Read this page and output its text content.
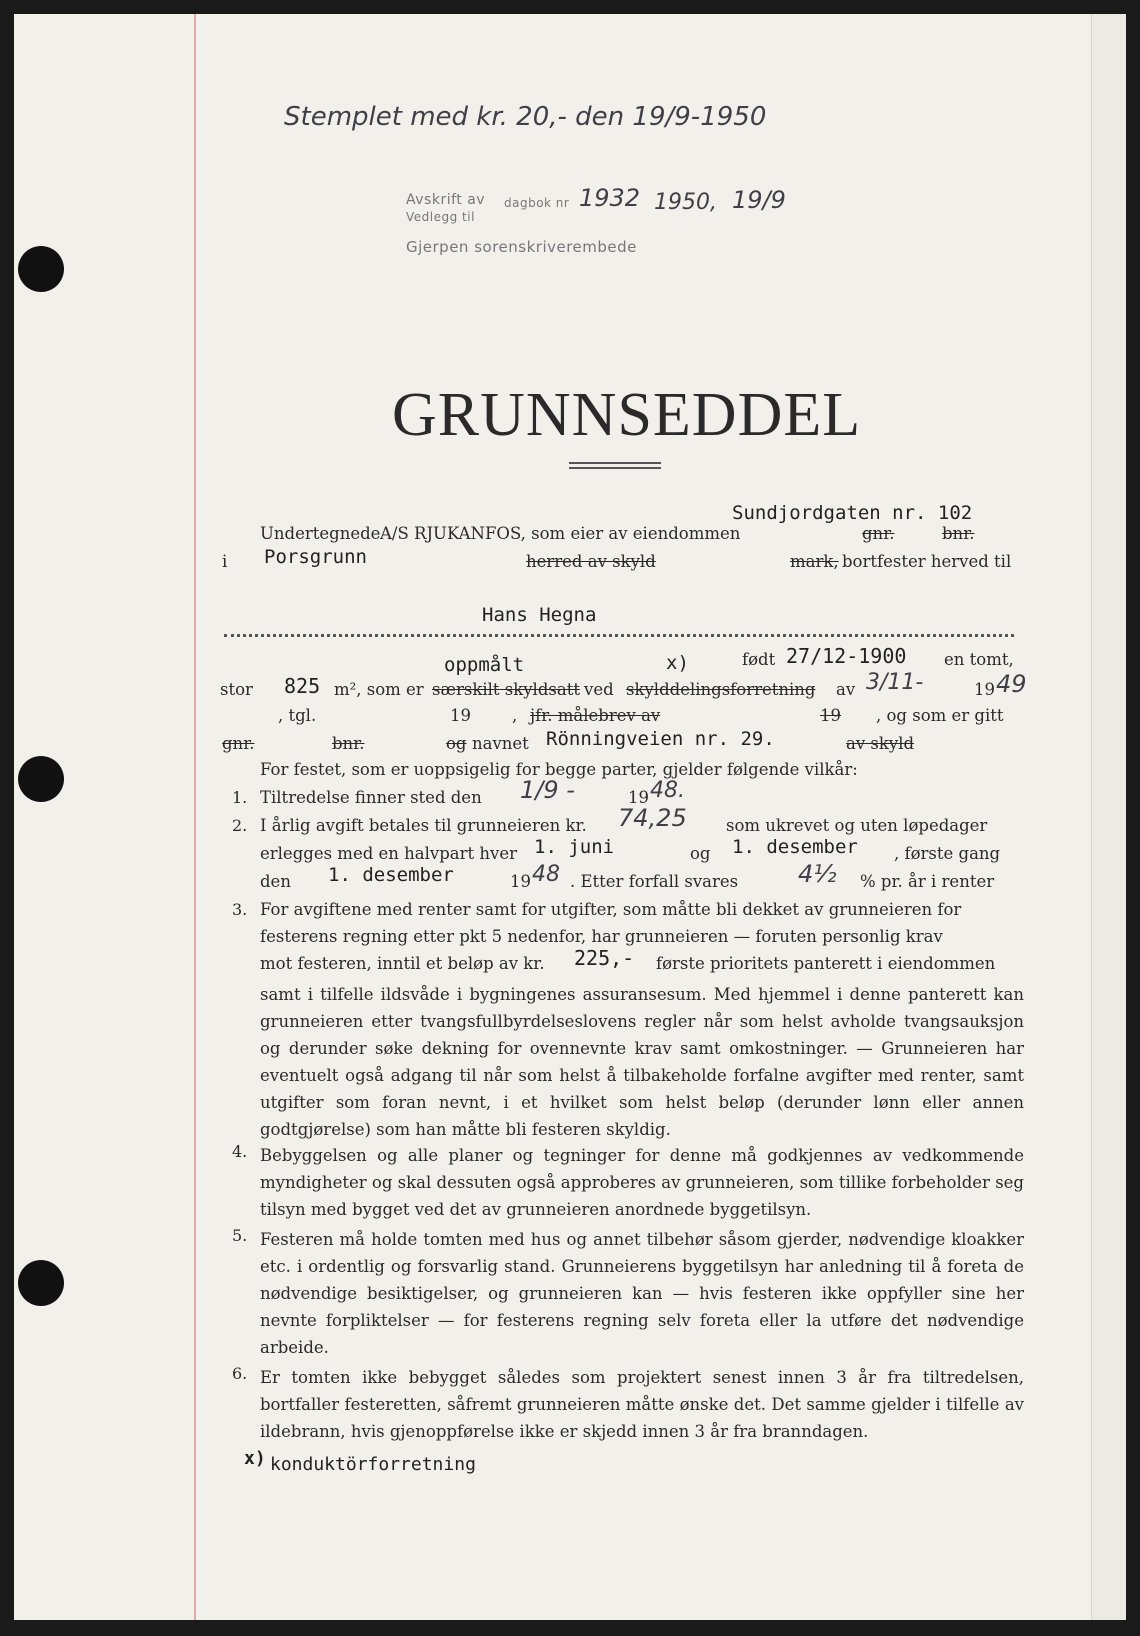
Stemplet med kr. 20,- den 19/9-1950
Avskrift av dagbok nr 1932 1950, 19/9
Vedlegg til
Gjerpen sorenskriverembede
GRUNNSEDDEL
Sundjordgaten nr. 102
Undertegnede A/S RJUKANFOS, som eier av eiendommen	gnr.	bnr.
i Porsgrunn	herred av skyld	mark, bortfester herved til
Hans Hegna
oppmålt	x)	født 27/12-1900 en tomt,
stor 825 m², som er særskilt skyldsatt ved skylddelingsforretning av 3/11-	19 49
, tgl.	19 , jfr. målebrev av	19 , og som er gitt
gnr.	bnr.	og navnet Rönningveien nr. 29.	av skyld
For festet, som er uoppsigelig for begge parter, gjelder følgende vilkår:
1. Tiltredelse finner sted den 1/9 -	19 48.
2. I årlig avgift betales til grunneieren kr. 74,25 som ukrevet og uten løpedager
erlegges med en halvpart hver 1. juni	og 1. desember , første gang
den 1. desember	19 48 . Etter forfall svares 4½ % pr. år i renter
3. For avgiftene med renter samt for utgifter, som måtte bli dekket av grunneieren for
festerens regning etter pkt 5 nedenfor, har grunneieren — foruten personlig krav
mot festeren, inntil et beløp av kr. 225,- første prioritets panterett i eiendommen
samt i tilfelle ildsvåde i bygningenes assuransesum. Med hjemmel i denne panterett kan grunneieren etter tvangsfullbyrdelseslovens regler når som helst avholde tvangsauksjon og derunder søke dekning for ovennevnte krav samt omkostninger. — Grunneieren har eventuelt også adgang til når som helst å tilbakeholde forfalne avgifter med renter, samt utgifter som foran nevnt, i et hvilket som helst beløp (derunder lønn eller annen godtgjørelse) som han måtte bli festeren skyldig.
4. Bebyggelsen og alle planer og tegninger for denne må godkjennes av vedkommende myndigheter og skal dessuten også approberes av grunneieren, som tillike forbeholder seg tilsyn med bygget ved det av grunneieren anordnede byggetilsyn.
5. Festeren må holde tomten med hus og annet tilbehør såsom gjerder, nødvendige kloakker etc. i ordentlig og forsvarlig stand. Grunneierens byggetilsyn har anledning til å foreta de nødvendige besiktigelser, og grunneieren kan — hvis festeren ikke oppfyller sine her nevnte forpliktelser — for festerens regning selv foreta eller la utføre det nødvendige arbeide.
6. Er tomten ikke bebygget således som projektert senest innen 3 år fra tiltredelsen, bortfaller festeretten, såfremt grunneieren måtte ønske det. Det samme gjelder i tilfelle av ildebrann, hvis gjenoppførelse ikke er skjedd innen 3 år fra branndagen.
x) konduktörforretning
